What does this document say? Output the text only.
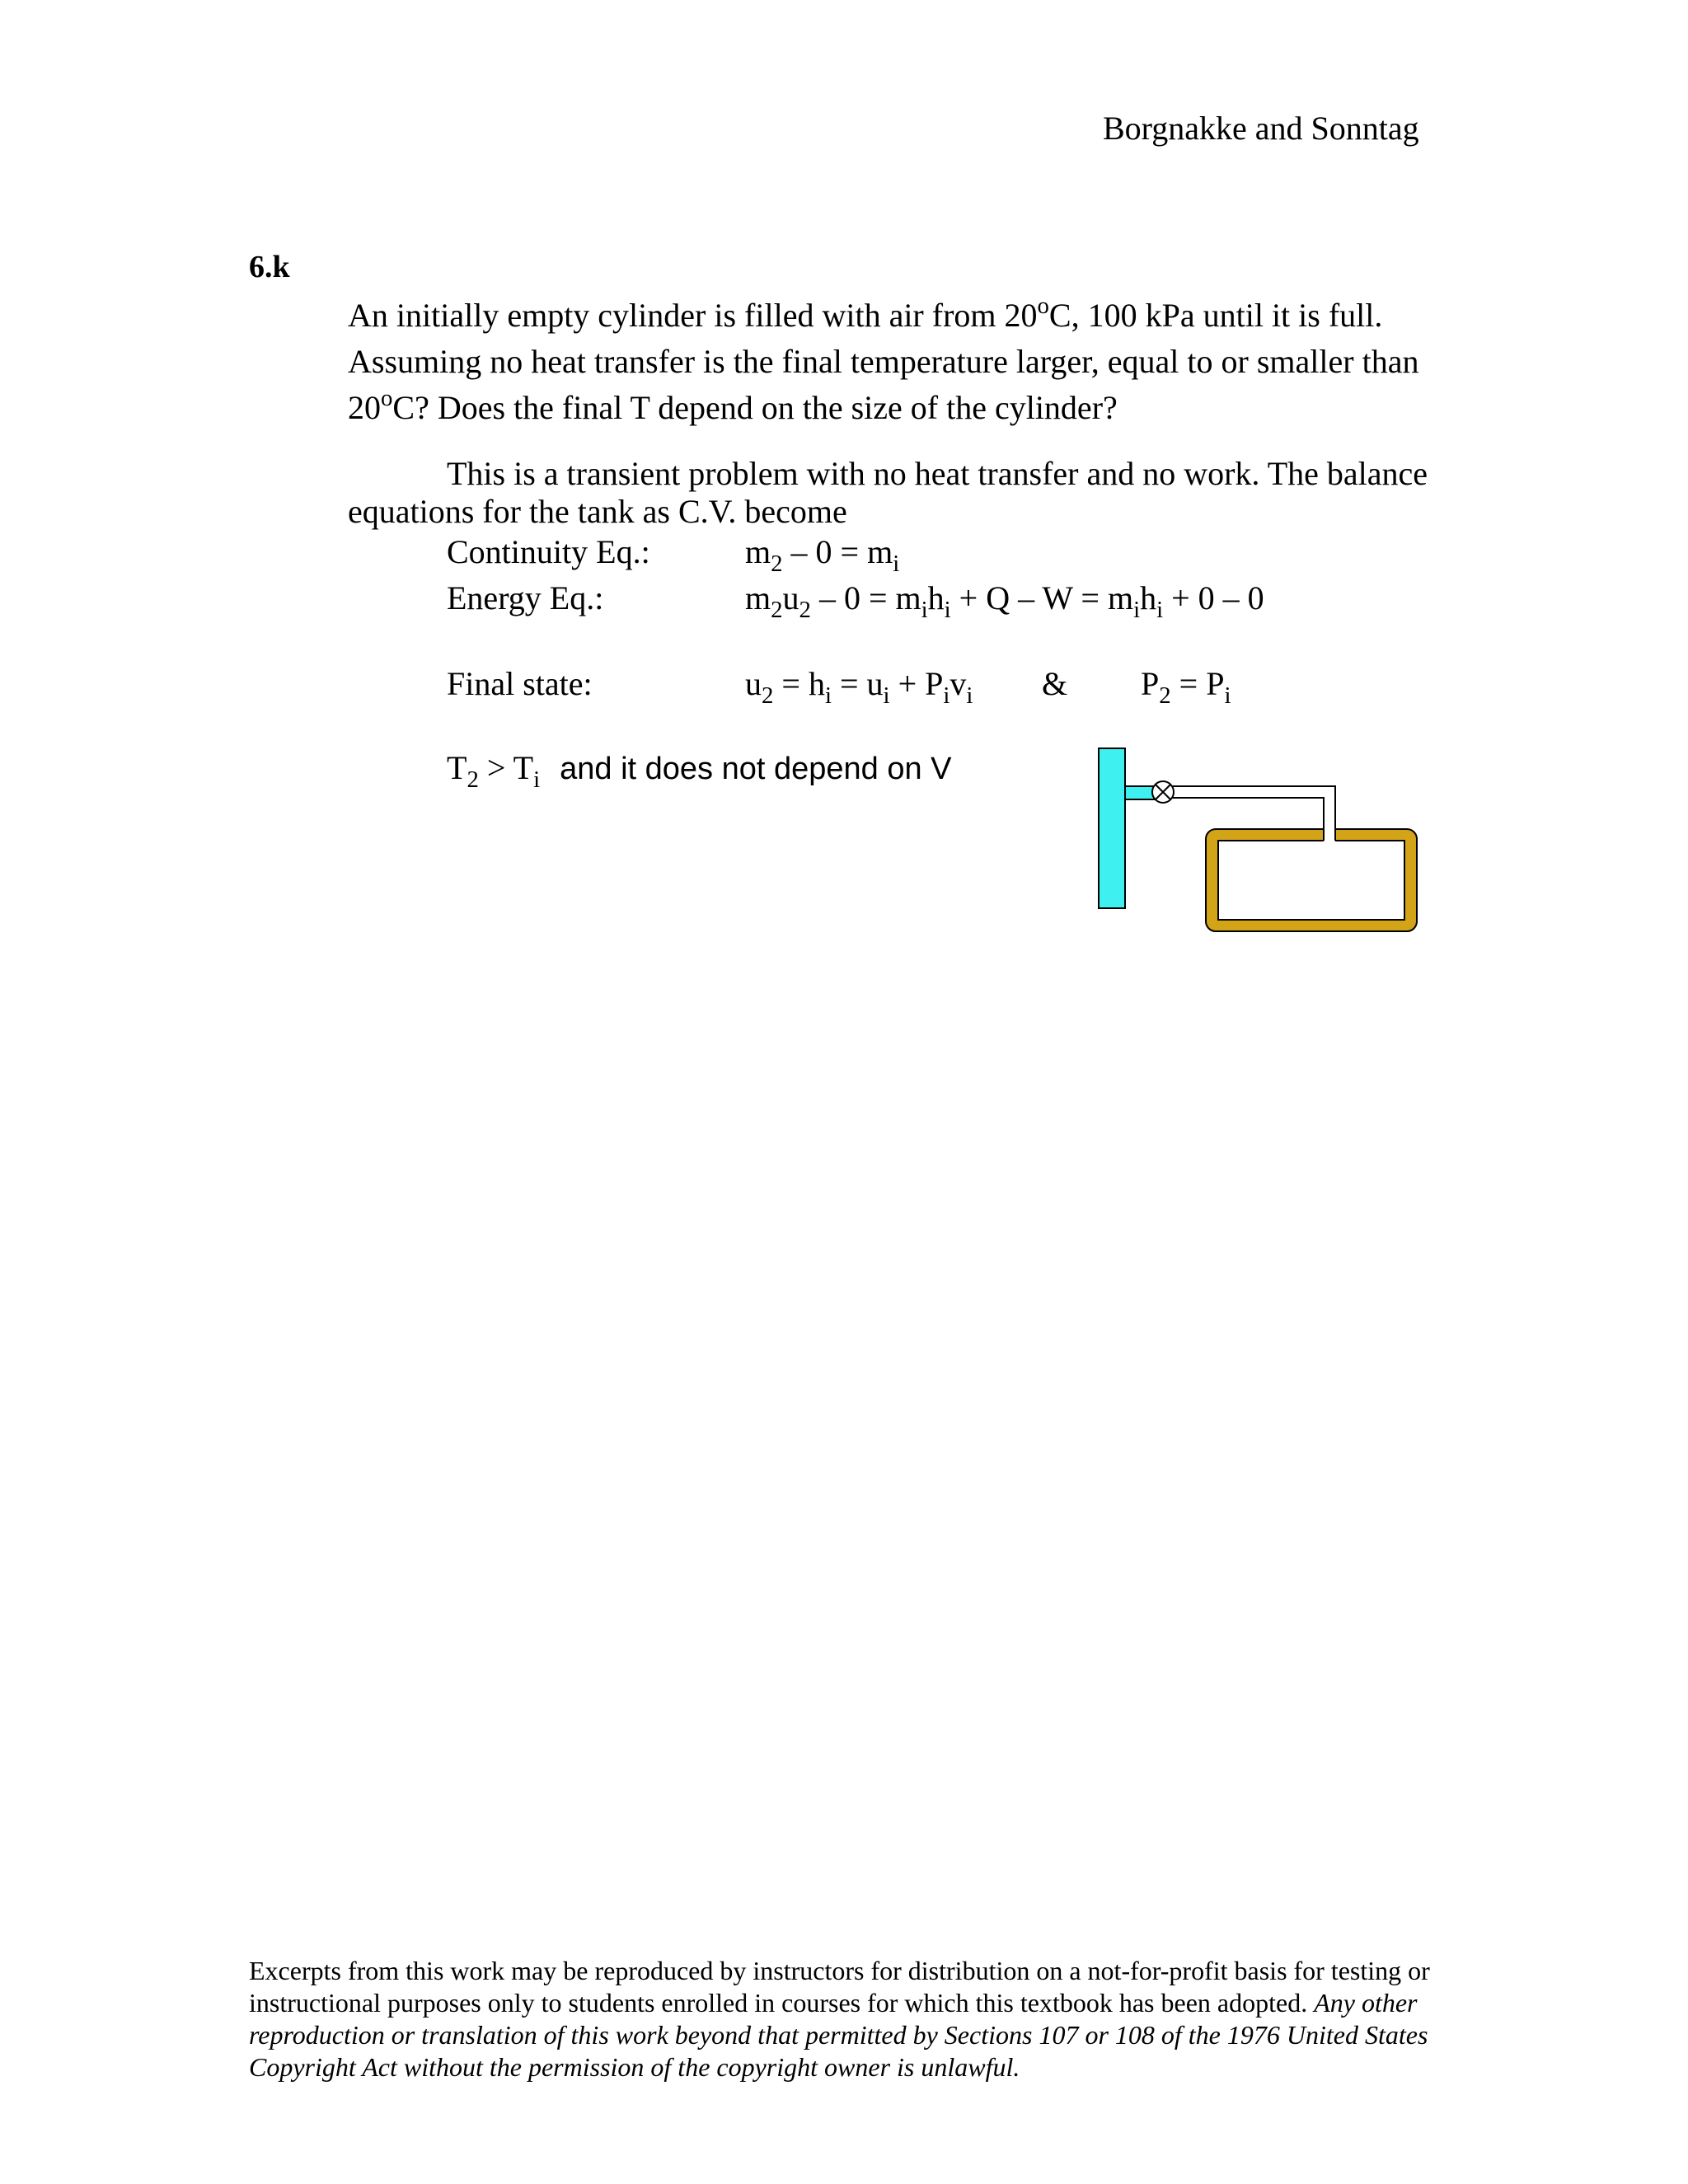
Borgnakke and Sonntag
6.k
An initially empty cylinder is filled with air from 20$^o$C, 100 kPa until it is full.
Assuming no heat transfer is the final temperature larger, equal to or smaller than
20$^o$C? Does the final T depend on the size of the cylinder?
This is a transient problem with no heat transfer and no work. The balance
equations for the tank as C.V. become
Continuity Eq.:	$m_2 - 0 = m_i$
Energy Eq.:	$m_2u_2 - 0 = m_ih_i + Q - W = m_ih_i + 0 - 0$
Final state:	$u_2 = h_i = u_i + P_iv_i$ & $P_2 = P_i$
$T_2 > T_i$ and it does not depend on V
Excerpts from this work may be reproduced by instructors for distribution on a not-for-profit basis for testing or instructional purposes only to students enrolled in courses for which this textbook has been adopted. Any other reproduction or translation of this work beyond that permitted by Sections 107 or 108 of the 1976 United States Copyright Act without the permission of the copyright owner is unlawful.
